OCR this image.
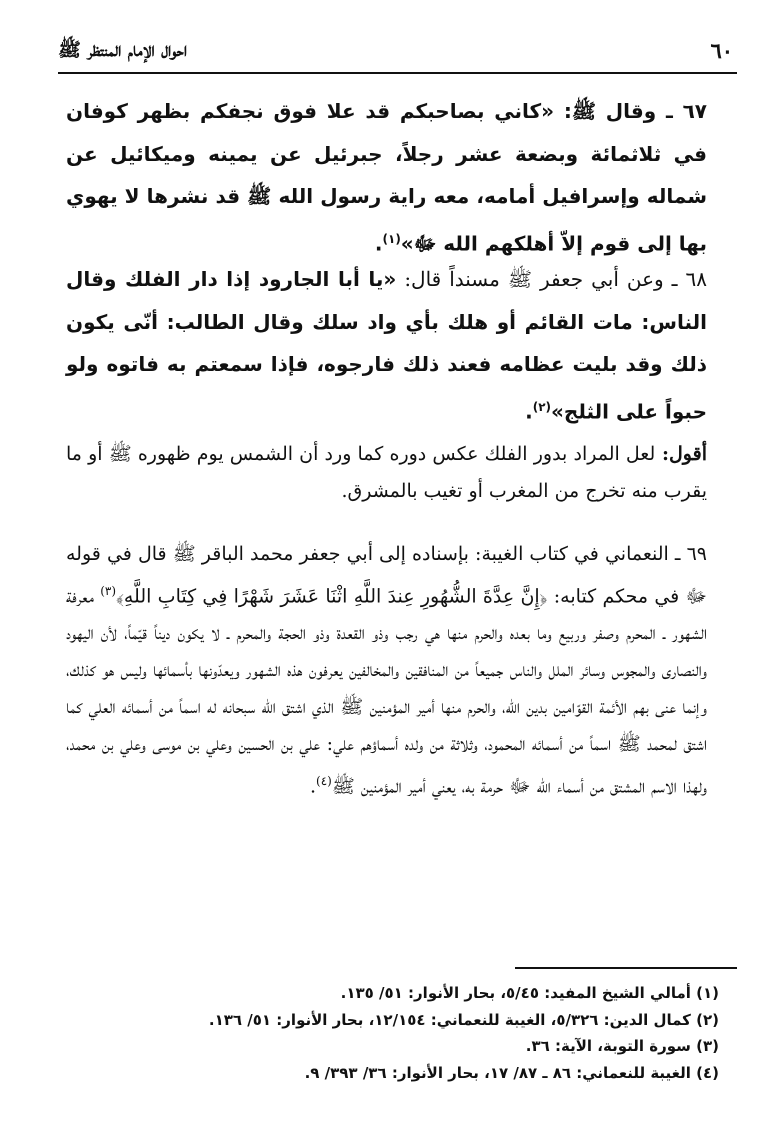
٦٠
احوال الإمام المنتظر ﷺ
٦٧ ـ وقال ﷺ: «كاني بصاحبكم قد علا فوق نجفكم بظهر كوفان في ثلاثمائة وبضعة عشر رجلاً، جبرئيل عن يمينه وميكائيل عن شماله وإسرافيل أمامه، معه راية رسول الله ﷺ قد نشرها لا يهوي بها إلى قوم إلاّ أهلكهم الله ﷻ»$^{(١)}$.
٦٨ ـ وعن أبي جعفر ﷺ مسنداً قال: «يا أبا الجارود إذا دار الفلك وقال الناس: مات القائم أو هلك بأي واد سلك وقال الطالب: أنّى يكون ذلك وقد بليت عظامه فعند ذلك فارجوه، فإذا سمعتم به فاتوه ولو حبواً على الثلج»$^{(٢)}$.
أقول: لعل المراد بدور الفلك عكس دوره كما ورد أن الشمس يوم ظهوره ﷺ أو ما يقرب منه تخرج من المغرب أو تغيب بالمشرق.
٦٩ ـ النعماني في كتاب الغيبة: بإسناده إلى أبي جعفر محمد الباقر ﷺ قال في قوله ﷻ في محكم كتابه: ﴿إِنَّ عِدَّةَ الشُّهُورِ عِندَ اللَّهِ اثْنَا عَشَرَ شَهْرًا فِي كِتَابِ اللَّهِ﴾$^{(٣)}$ معرفة الشهور ـ المحرم وصفر وربيع وما بعده والحرم منها هي رجب وذو القعدة وذو الحجة والمحرم ـ لا يكون ديناً قيّماً، لأن اليهود والنصارى والمجوس وسائر الملل والناس جميعاً من المنافقين والمخالفين يعرفون هذه الشهور ويعدّونها بأسمائها وليس هو كذلك، وإنما عنى بهم الأئمة القوّامين بدين الله، والحرم منها أمير المؤمنين ﷺ الذي اشتق الله سبحانه له اسماً من أسمائه العلي كما اشتق لمحمد ﷺ اسماً من أسمائه المحمود، وثلاثة من ولده أسماؤهم علي: علي بن الحسين وعلي بن موسى وعلي بن محمد، ولهذا الاسم المشتق من أسماء الله ﷻ حرمة به، يعني أمير المؤمنين ﷺ$^{(٤)}$.
(١) أمالي الشيخ المفيد: ٥/٤٥، بحار الأنوار: ٥١/ ١٣٥.
(٢) كمال الدين: ٥/٣٢٦، الغيبة للنعماني: ١٢/١٥٤، بحار الأنوار: ٥١/ ١٣٦.
(٣) سورة التوبة، الآية: ٣٦.
(٤) الغيبة للنعماني: ٨٦ ـ ٨٧/ ١٧، بحار الأنوار: ٣٦/ ٣٩٣/ ٩.
